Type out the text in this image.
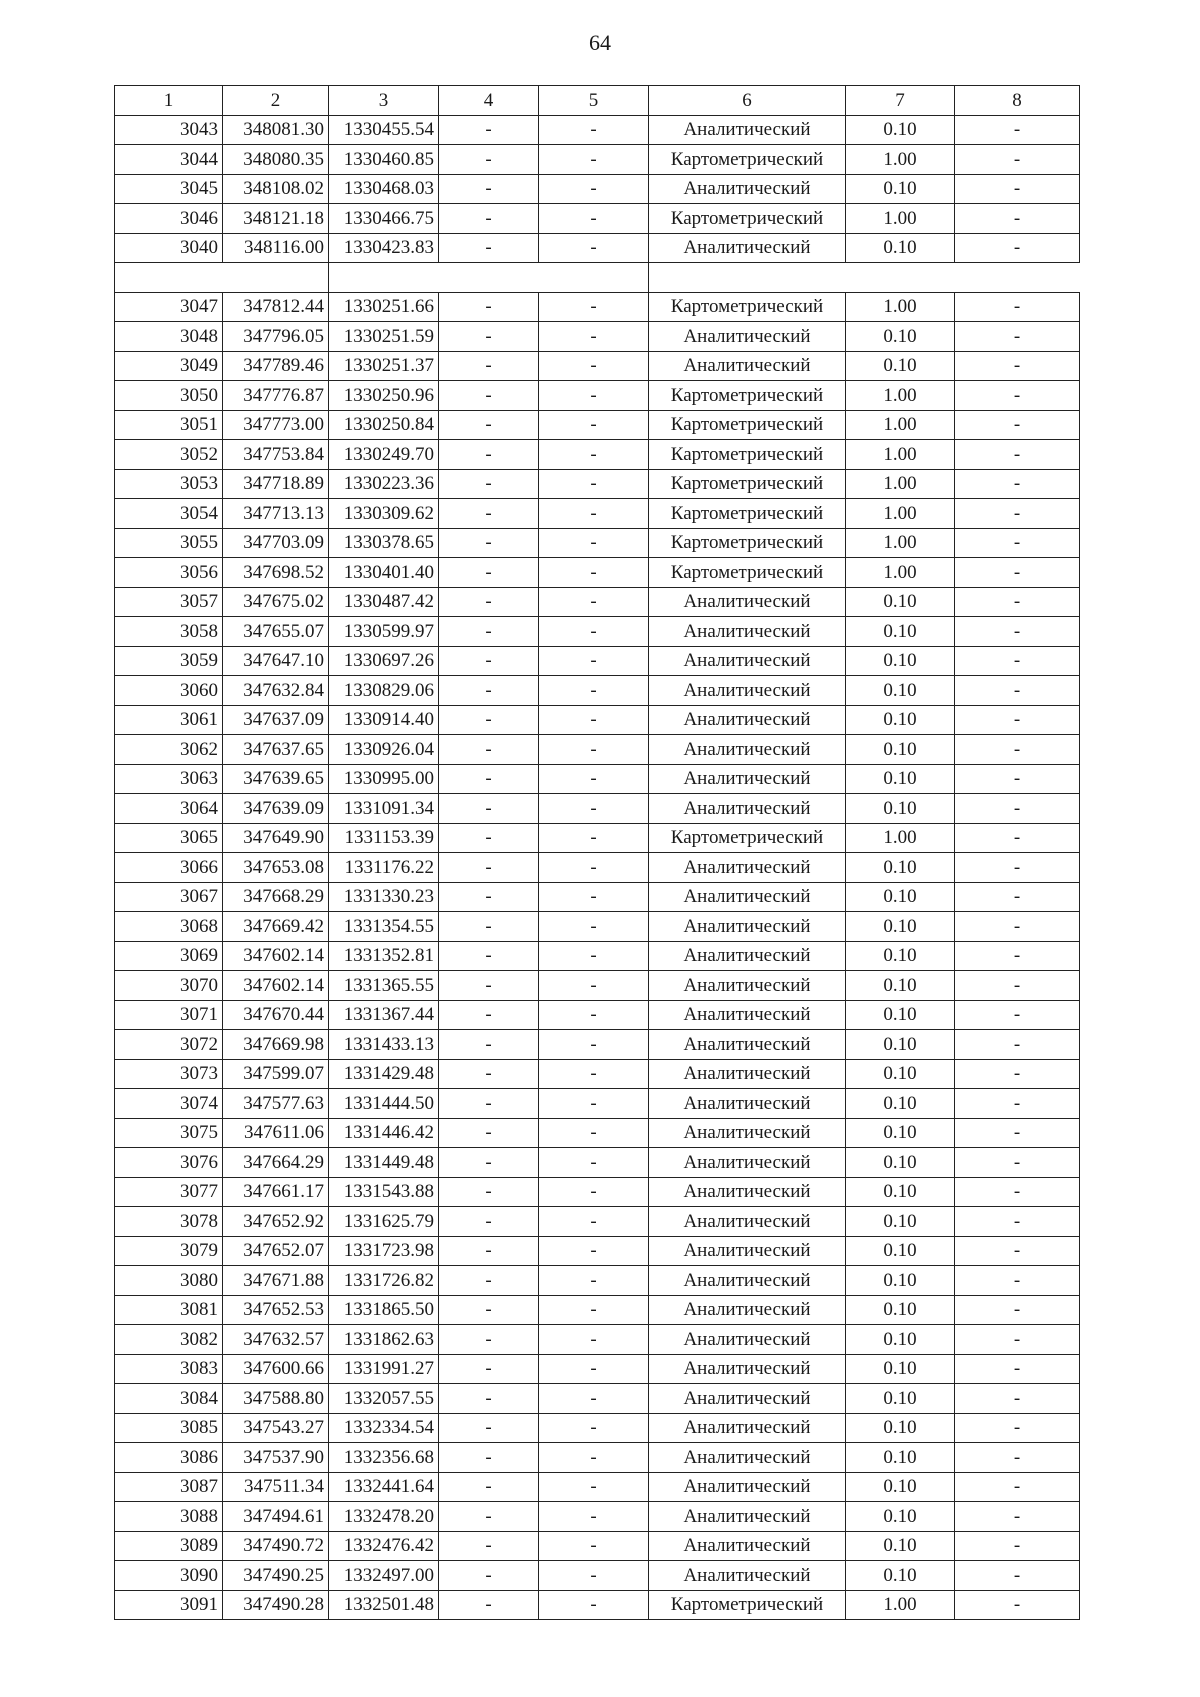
64
1	2	3	4	5	6	7	8
3043	348081.30	1330455.54	-	-	Аналитический	0.10	-
3044	348080.35	1330460.85	-	-	Картометрический	1.00	-
3045	348108.02	1330468.03	-	-	Аналитический	0.10	-
3046	348121.18	1330466.75	-	-	Картометрический	1.00	-
3040	348116.00	1330423.83	-	-	Аналитический	0.10	-

3047	347812.44	1330251.66	-	-	Картометрический	1.00	-
3048	347796.05	1330251.59	-	-	Аналитический	0.10	-
3049	347789.46	1330251.37	-	-	Аналитический	0.10	-
3050	347776.87	1330250.96	-	-	Картометрический	1.00	-
3051	347773.00	1330250.84	-	-	Картометрический	1.00	-
3052	347753.84	1330249.70	-	-	Картометрический	1.00	-
3053	347718.89	1330223.36	-	-	Картометрический	1.00	-
3054	347713.13	1330309.62	-	-	Картометрический	1.00	-
3055	347703.09	1330378.65	-	-	Картометрический	1.00	-
3056	347698.52	1330401.40	-	-	Картометрический	1.00	-
3057	347675.02	1330487.42	-	-	Аналитический	0.10	-
3058	347655.07	1330599.97	-	-	Аналитический	0.10	-
3059	347647.10	1330697.26	-	-	Аналитический	0.10	-
3060	347632.84	1330829.06	-	-	Аналитический	0.10	-
3061	347637.09	1330914.40	-	-	Аналитический	0.10	-
3062	347637.65	1330926.04	-	-	Аналитический	0.10	-
3063	347639.65	1330995.00	-	-	Аналитический	0.10	-
3064	347639.09	1331091.34	-	-	Аналитический	0.10	-
3065	347649.90	1331153.39	-	-	Картометрический	1.00	-
3066	347653.08	1331176.22	-	-	Аналитический	0.10	-
3067	347668.29	1331330.23	-	-	Аналитический	0.10	-
3068	347669.42	1331354.55	-	-	Аналитический	0.10	-
3069	347602.14	1331352.81	-	-	Аналитический	0.10	-
3070	347602.14	1331365.55	-	-	Аналитический	0.10	-
3071	347670.44	1331367.44	-	-	Аналитический	0.10	-
3072	347669.98	1331433.13	-	-	Аналитический	0.10	-
3073	347599.07	1331429.48	-	-	Аналитический	0.10	-
3074	347577.63	1331444.50	-	-	Аналитический	0.10	-
3075	347611.06	1331446.42	-	-	Аналитический	0.10	-
3076	347664.29	1331449.48	-	-	Аналитический	0.10	-
3077	347661.17	1331543.88	-	-	Аналитический	0.10	-
3078	347652.92	1331625.79	-	-	Аналитический	0.10	-
3079	347652.07	1331723.98	-	-	Аналитический	0.10	-
3080	347671.88	1331726.82	-	-	Аналитический	0.10	-
3081	347652.53	1331865.50	-	-	Аналитический	0.10	-
3082	347632.57	1331862.63	-	-	Аналитический	0.10	-
3083	347600.66	1331991.27	-	-	Аналитический	0.10	-
3084	347588.80	1332057.55	-	-	Аналитический	0.10	-
3085	347543.27	1332334.54	-	-	Аналитический	0.10	-
3086	347537.90	1332356.68	-	-	Аналитический	0.10	-
3087	347511.34	1332441.64	-	-	Аналитический	0.10	-
3088	347494.61	1332478.20	-	-	Аналитический	0.10	-
3089	347490.72	1332476.42	-	-	Аналитический	0.10	-
3090	347490.25	1332497.00	-	-	Аналитический	0.10	-
3091	347490.28	1332501.48	-	-	Картометрический	1.00	-
